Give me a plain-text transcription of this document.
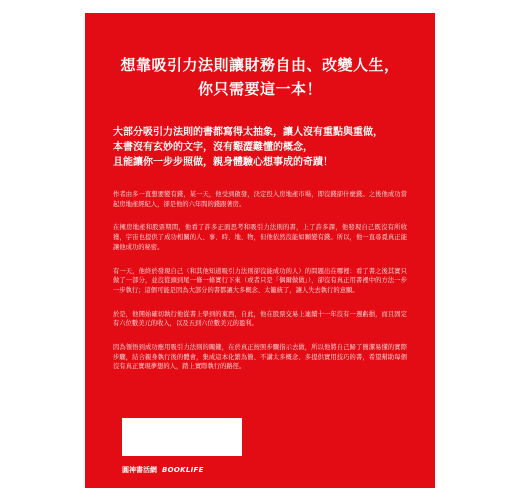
想靠吸引力法則讓財務自由、改變人生，
你只需要這一本！
大部分吸引力法則的書都寫得太抽象，讓人沒有重點與重做，
本書沒有玄妙的文字，沒有艱澀難懂的概念，
且能讓你一步步照做，親身體驗心想事成的奇蹟！

作者由多一直想要變有錢，某一天，他受到啟發，決定投入房地產市場，即沒錢卻什麼錢。之後他成功當起房地產經紀人，卻是他的六年間的錢跟著房。

在擁房地產和股票期間，他看了許多正面思考和吸引力法則的書，上了許多課，他發現自己既沒有所收獲，宇宙也提供了成功相關的人、事、時、地、物，但他依然沒能如願變有錢。所以，他一直尋覓真正能讓他成功的秘密。

有一天，他終於發現自己（和其他知道吸引力法則卻沒能成功的人）的問題出在哪裡：看了書之後其實只做了一部分，並沒從頭到尾一條一條實行下來（或者只是「偶爾做做」），卻沒有真正用書裡中的方法一步一步執行；這個可能是因為大部分的書都讓大多概念、太籠統了，讓人失去執行的意願。

於是，他開始確切執行他從書上學到的東西，自此，他在股票交易上連續十一年沒有一週虧損，而且固定有六位數美元的收入，以及五到六位數美元的盈利。

因為領悟到成功應用吸引力法則的關鍵，在於真正按照步驟指示去做，所以他將自己歸了簡潔易懂的實際步驟，結合親身執行後的體會，集成這本化繁為簡、不講太多概念、多提供實用技巧的書，希望幫助每個沒有真正實現夢想的人，踏上實際執行的路徑。

圓神書活網 BOOKLIFE
